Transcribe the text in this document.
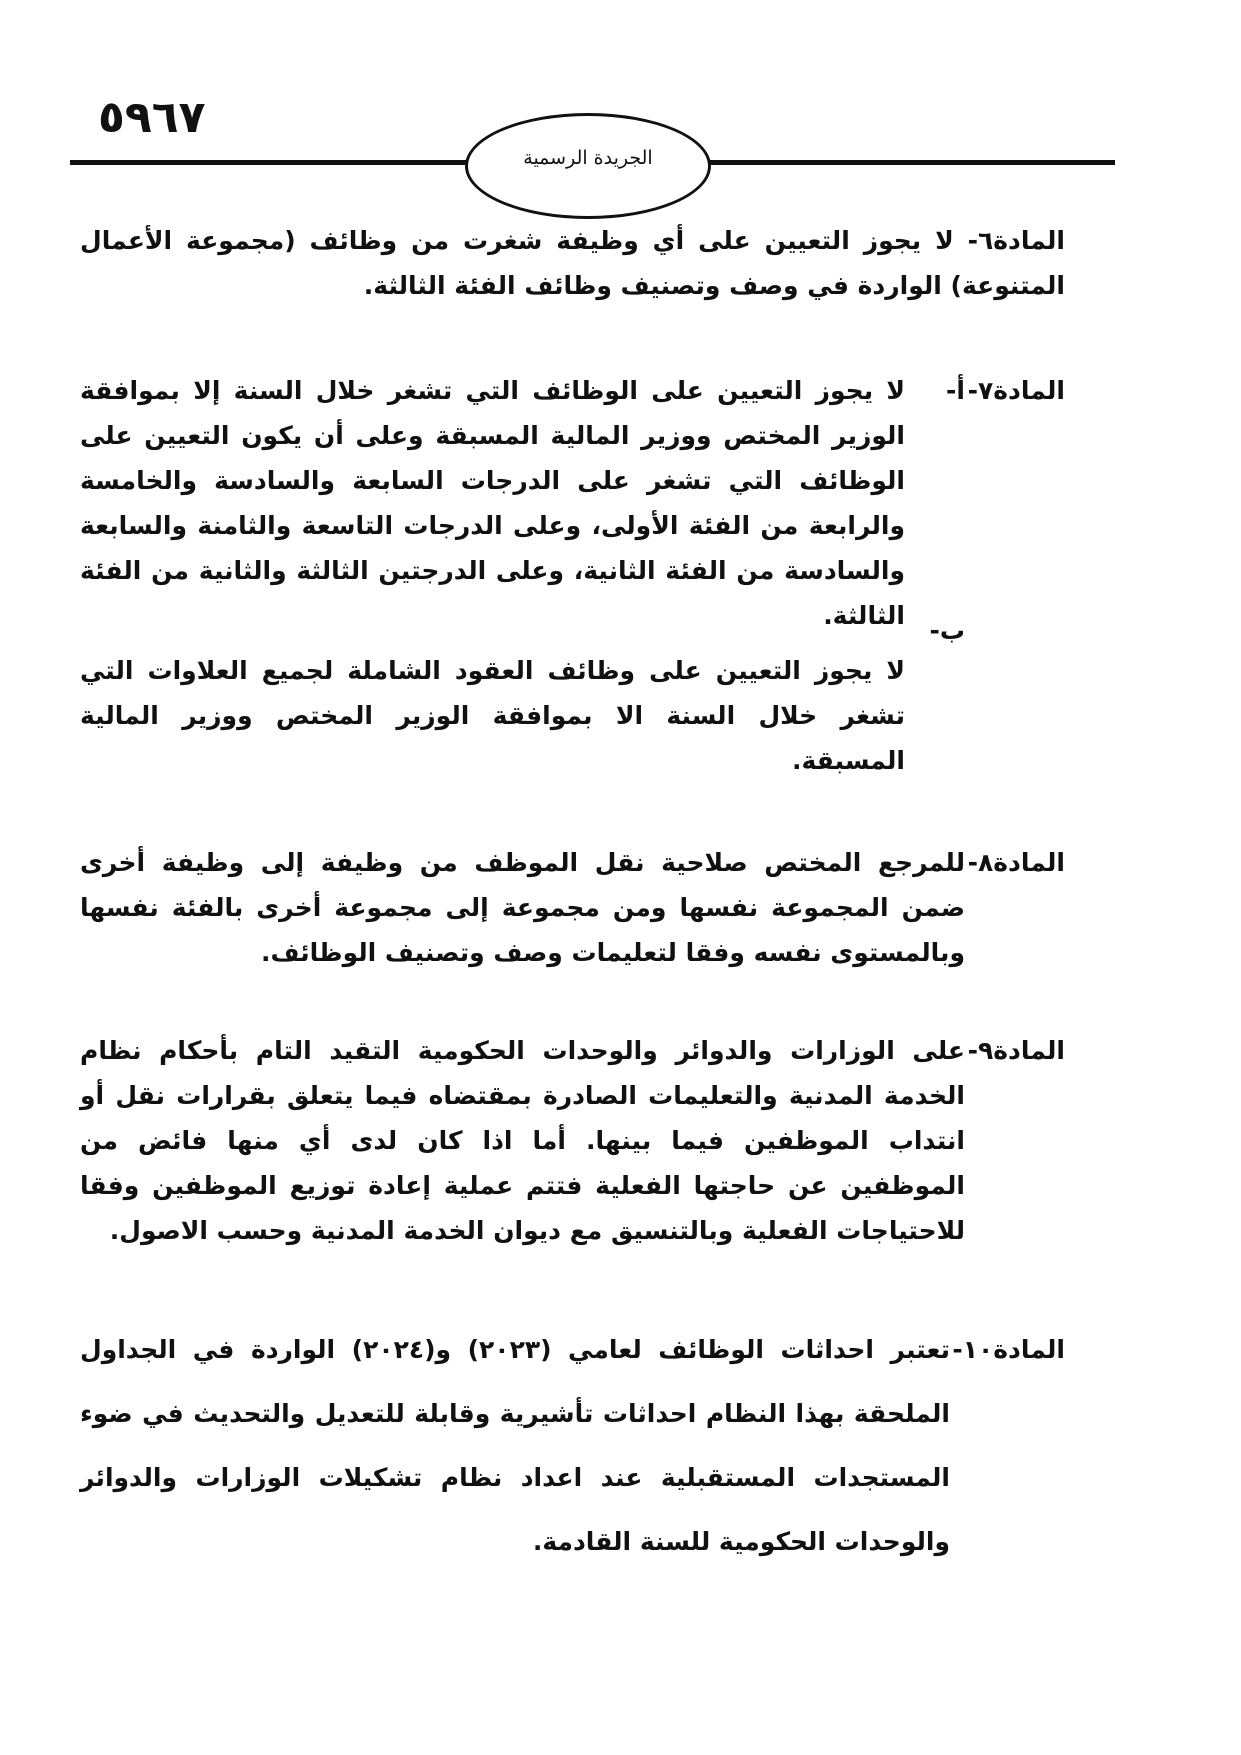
٥٩٦٧
الجريدة الرسمية

المادة٦- لا يجوز التعيين على أي وظيفة شغرت من وظائف (مجموعة الأعمال المتنوعة) الواردة في وصف وتصنيف وظائف الفئة الثالثة.

المادة٧-
أ-

لا يجوز التعيين على الوظائف التي تشغر خلال السنة إلا بموافقة الوزير المختص ووزير المالية المسبقة وعلى أن يكون التعيين على الوظائف التي تشغر على الدرجات السابعة والسادسة والخامسة والرابعة من الفئة الأولى، وعلى الدرجات التاسعة والثامنة والسابعة والسادسة من الفئة الثانية، وعلى الدرجتين الثالثة والثانية من الفئة الثالثة.

ب-

لا يجوز التعيين على وظائف العقود الشاملة لجميع العلاوات التي تشغر خلال السنة الا بموافقة الوزير المختص ووزير المالية المسبقة.

المادة٨-

للمرجع المختص صلاحية نقل الموظف من وظيفة إلى وظيفة أخرى ضمن المجموعة نفسها ومن مجموعة إلى مجموعة أخرى بالفئة نفسها وبالمستوى نفسه وفقا لتعليمات وصف وتصنيف الوظائف.

المادة٩-

على الوزارات والدوائر والوحدات الحكومية التقيد التام بأحكام نظام الخدمة المدنية والتعليمات الصادرة بمقتضاه فيما يتعلق بقرارات نقل أو انتداب الموظفين فيما بينها. أما اذا كان لدى أي منها فائض من الموظفين عن حاجتها الفعلية فتتم عملية إعادة توزيع الموظفين وفقا للاحتياجات الفعلية وبالتنسيق مع ديوان الخدمة المدنية وحسب الاصول.

المادة١٠-

تعتبر احداثات الوظائف لعامي (٢٠٢٣) و(٢٠٢٤) الواردة في الجداول الملحقة بهذا النظام احداثات تأشيرية وقابلة للتعديل والتحديث في ضوء المستجدات المستقبلية عند اعداد نظام تشكيلات الوزارات والدوائر والوحدات الحكومية للسنة القادمة.
